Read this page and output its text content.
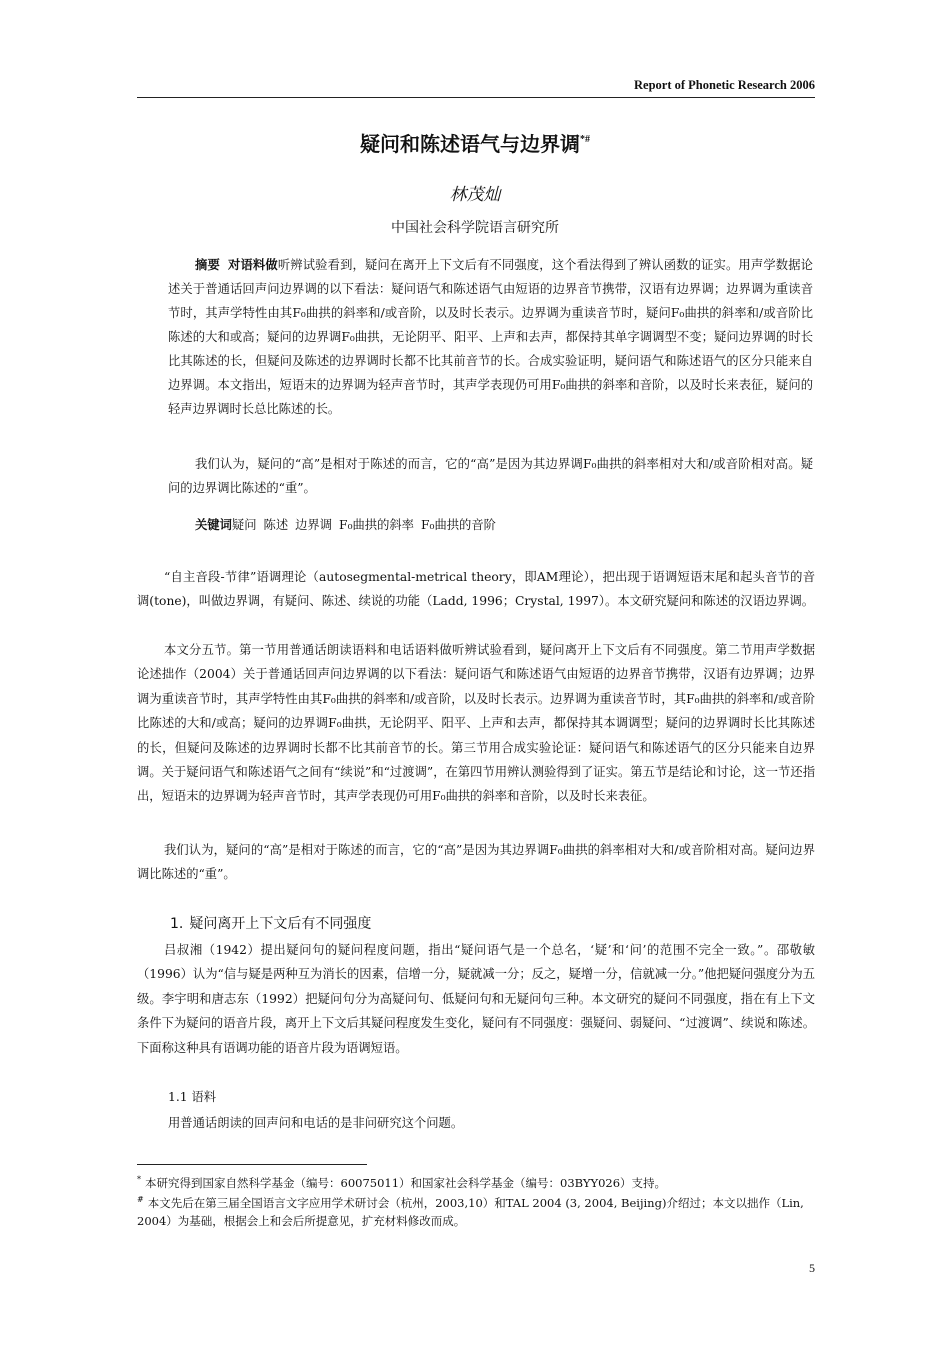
Report of Phonetic Research 2006
疑问和陈述语气与边界调*#
林茂灿
中国社会科学院语言研究所

摘要 对语料做听辨试验看到，疑问在离开上下文后有不同强度，这个看法得到了辨认函数的证实。用声学数据论述关于普通话回声问边界调的以下看法：疑问语气和陈述语气由短语的边界音节携带，汉语有边界调；边界调为重读音节时，其声学特性由其F₀曲拱的斜率和/或音阶，以及时长表示。边界调为重读音节时，疑问F₀曲拱的斜率和/或音阶比陈述的大和或高；疑问的边界调F₀曲拱，无论阴平、阳平、上声和去声，都保持其单字调调型不变；疑问边界调的时长比其陈述的长，但疑问及陈述的边界调时长都不比其前音节的长。合成实验证明，疑问语气和陈述语气的区分只能来自边界调。本文指出，短语末的边界调为轻声音节时，其声学表现仍可用F₀曲拱的斜率和音阶，以及时长来表征，疑问的轻声边界调时长总比陈述的长。

我们认为，疑问的“高”是相对于陈述的而言，它的“高”是因为其边界调F₀曲拱的斜率相对大和/或音阶相对高。疑问的边界调比陈述的“重”。

关键词疑问 陈述 边界调 F₀曲拱的斜率 F₀曲拱的音阶

“自主音段-节律”语调理论（autosegmental-metrical theory，即AM理论），把出现于语调短语末尾和起头音节的音调(tone)，叫做边界调，有疑问、陈述、续说的功能（Ladd, 1996；Crystal, 1997）。本文研究疑问和陈述的汉语边界调。

本文分五节。第一节用普通话朗读语料和电话语料做听辨试验看到，疑问离开上下文后有不同强度。第二节用声学数据论述拙作（2004）关于普通话回声问边界调的以下看法：疑问语气和陈述语气由短语的边界音节携带，汉语有边界调；边界调为重读音节时，其声学特性由其F₀曲拱的斜率和/或音阶，以及时长表示。边界调为重读音节时，其F₀曲拱的斜率和/或音阶比陈述的大和/或高；疑问的边界调F₀曲拱，无论阴平、阳平、上声和去声，都保持其本调调型；疑问的边界调时长比其陈述的长，但疑问及陈述的边界调时长都不比其前音节的长。第三节用合成实验论证：疑问语气和陈述语气的区分只能来自边界调。关于疑问语气和陈述语气之间有“续说”和“过渡调”，在第四节用辨认测验得到了证实。第五节是结论和讨论，这一节还指出，短语末的边界调为轻声音节时，其声学表现仍可用F₀曲拱的斜率和音阶，以及时长来表征。

我们认为，疑问的“高”是相对于陈述的而言，它的“高”是因为其边界调F₀曲拱的斜率相对大和/或音阶相对高。疑问边界调比陈述的“重”。

1. 疑问离开上下文后有不同强度

吕叔湘（1942）提出疑问句的疑问程度问题，指出“疑问语气是一个总名，‘疑’和‘问’的范围不完全一致。”。邵敬敏（1996）认为“信与疑是两种互为消长的因素，信增一分，疑就减一分；反之，疑增一分，信就减一分。”他把疑问强度分为五级。李宇明和唐志东（1992）把疑问句分为高疑问句、低疑问句和无疑问句三种。本文研究的疑问不同强度，指在有上下文条件下为疑问的语音片段，离开上下文后其疑问程度发生变化，疑问有不同强度：强疑问、弱疑问、“过渡调”、续说和陈述。下面称这种具有语调功能的语音片段为语调短语。

1.1 语料
用普通话朗读的回声问和电话的是非问研究这个问题。
* 本研究得到国家自然科学基金（编号：60075011）和国家社会科学基金（编号：03BYY026）支持。
# 本文先后在第三届全国语言文字应用学术研讨会（杭州，2003,10）和TAL 2004 (3, 2004, Beijing)介绍过；本文以拙作（Lin, 2004）为基础，根据会上和会后所提意见，扩充材料修改而成。
5
